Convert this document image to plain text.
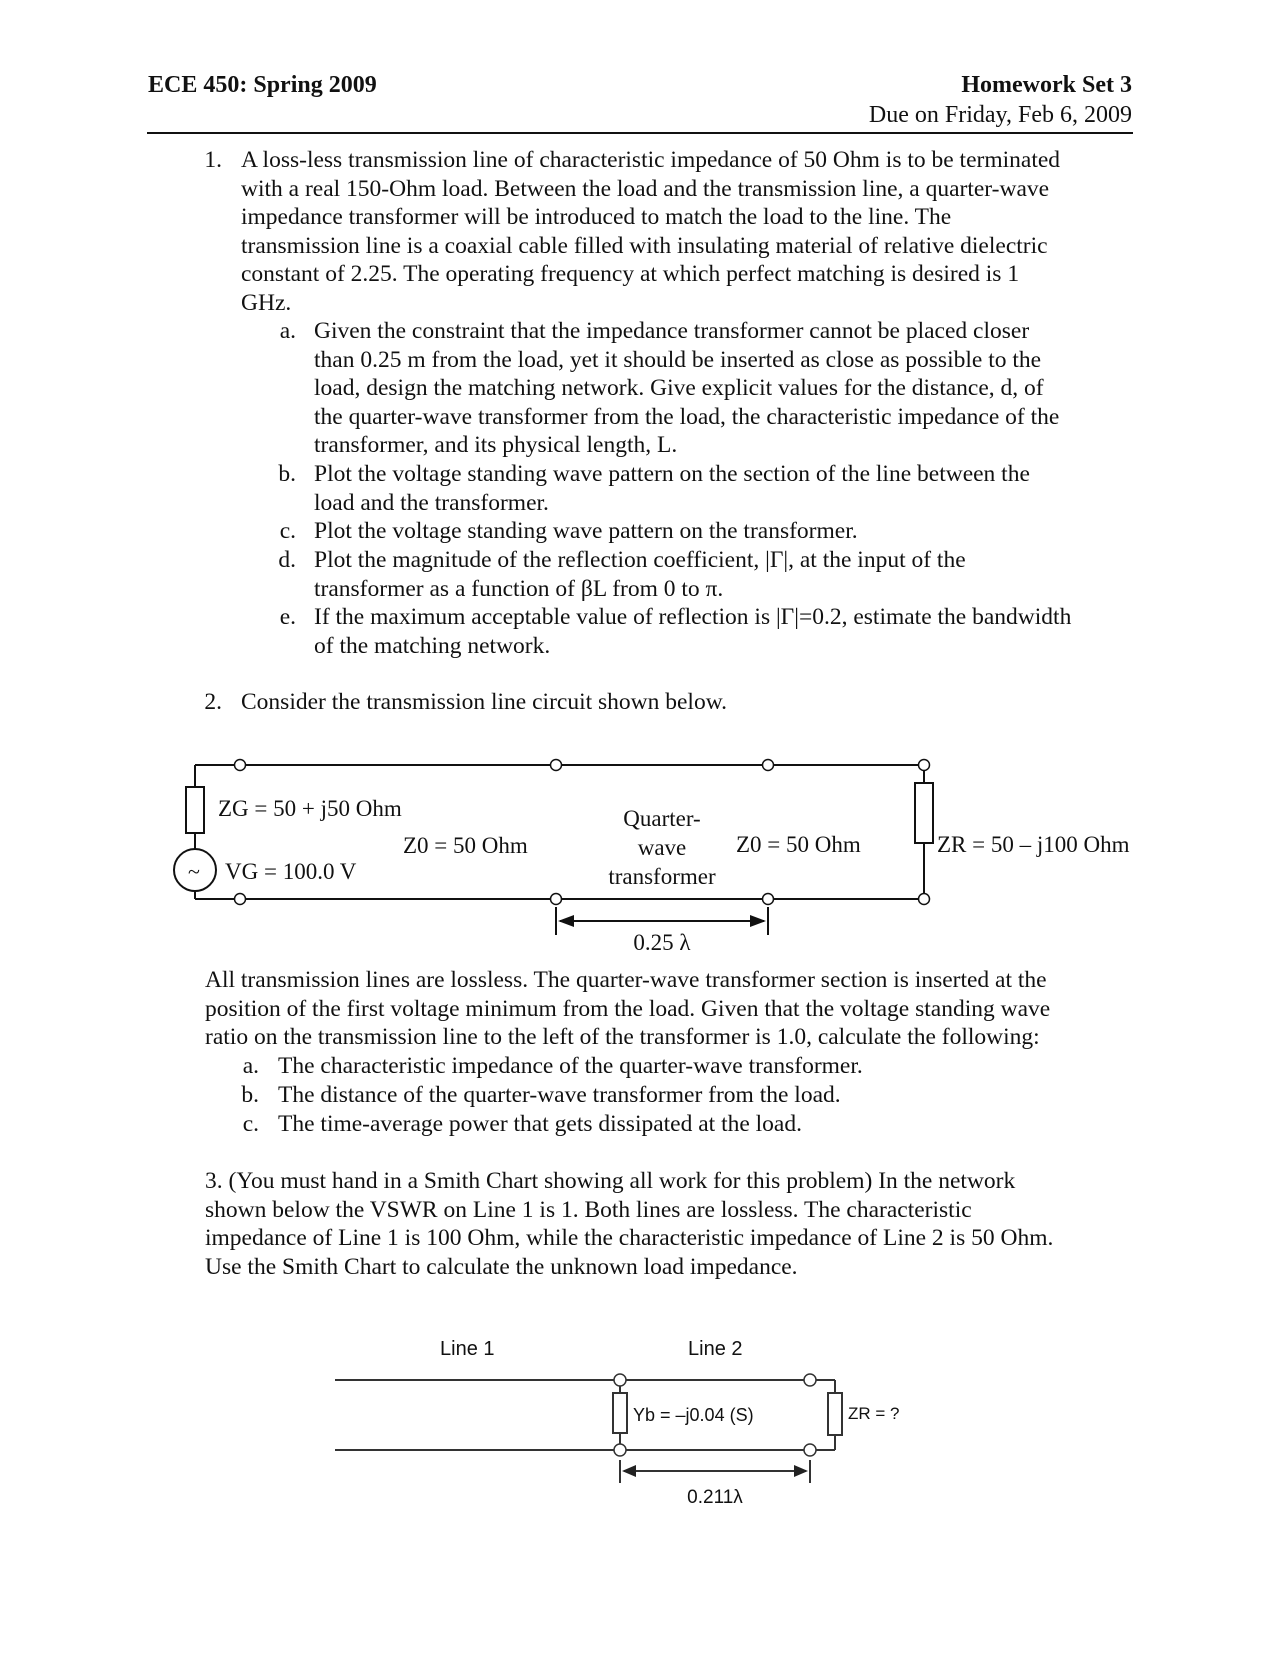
ECE 450: Spring 2009	Homework Set 3
Due on Friday, Feb 6, 2009
1. A loss-less transmission line of characteristic impedance of 50 Ohm is to be terminated
with a real 150-Ohm load. Between the load and the transmission line, a quarter-wave
impedance transformer will be introduced to match the load to the line. The
transmission line is a coaxial cable filled with insulating material of relative dielectric
constant of 2.25. The operating frequency at which perfect matching is desired is 1
GHz.
a. Given the constraint that the impedance transformer cannot be placed closer
than 0.25 m from the load, yet it should be inserted as close as possible to the
load, design the matching network. Give explicit values for the distance, d, of
the quarter-wave transformer from the load, the characteristic impedance of the
transformer, and its physical length, L.
b. Plot the voltage standing wave pattern on the section of the line between the
load and the transformer.
c. Plot the voltage standing wave pattern on the transformer.
d. Plot the magnitude of the reflection coefficient, |Γ|, at the input of the
transformer as a function of βL from 0 to π.
e. If the maximum acceptable value of reflection is |Γ|=0.2, estimate the bandwidth
of the matching network.
2. Consider the transmission line circuit shown below.
~
ZG = 50 + j50 Ohm
VG = 100.0 V
Z0 = 50 Ohm
Quarter-
wave
transformer
Z0 = 50 Ohm	ZR = 50 – j100 Ohm
0.25 λ
All transmission lines are lossless. The quarter-wave transformer section is inserted at the
position of the first voltage minimum from the load. Given that the voltage standing wave
ratio on the transmission line to the left of the transformer is 1.0, calculate the following:
a. The characteristic impedance of the quarter-wave transformer.
b. The distance of the quarter-wave transformer from the load.
c. The time-average power that gets dissipated at the load.
3. (You must hand in a Smith Chart showing all work for this problem) In the network
shown below the VSWR on Line 1 is 1. Both lines are lossless. The characteristic
impedance of Line 1 is 100 Ohm, while the characteristic impedance of Line 2 is 50 Ohm.
Use the Smith Chart to calculate the unknown load impedance.
Line 1	Line 2
Yb = –j0.04 (S)	ZR = ?
0.211λ
